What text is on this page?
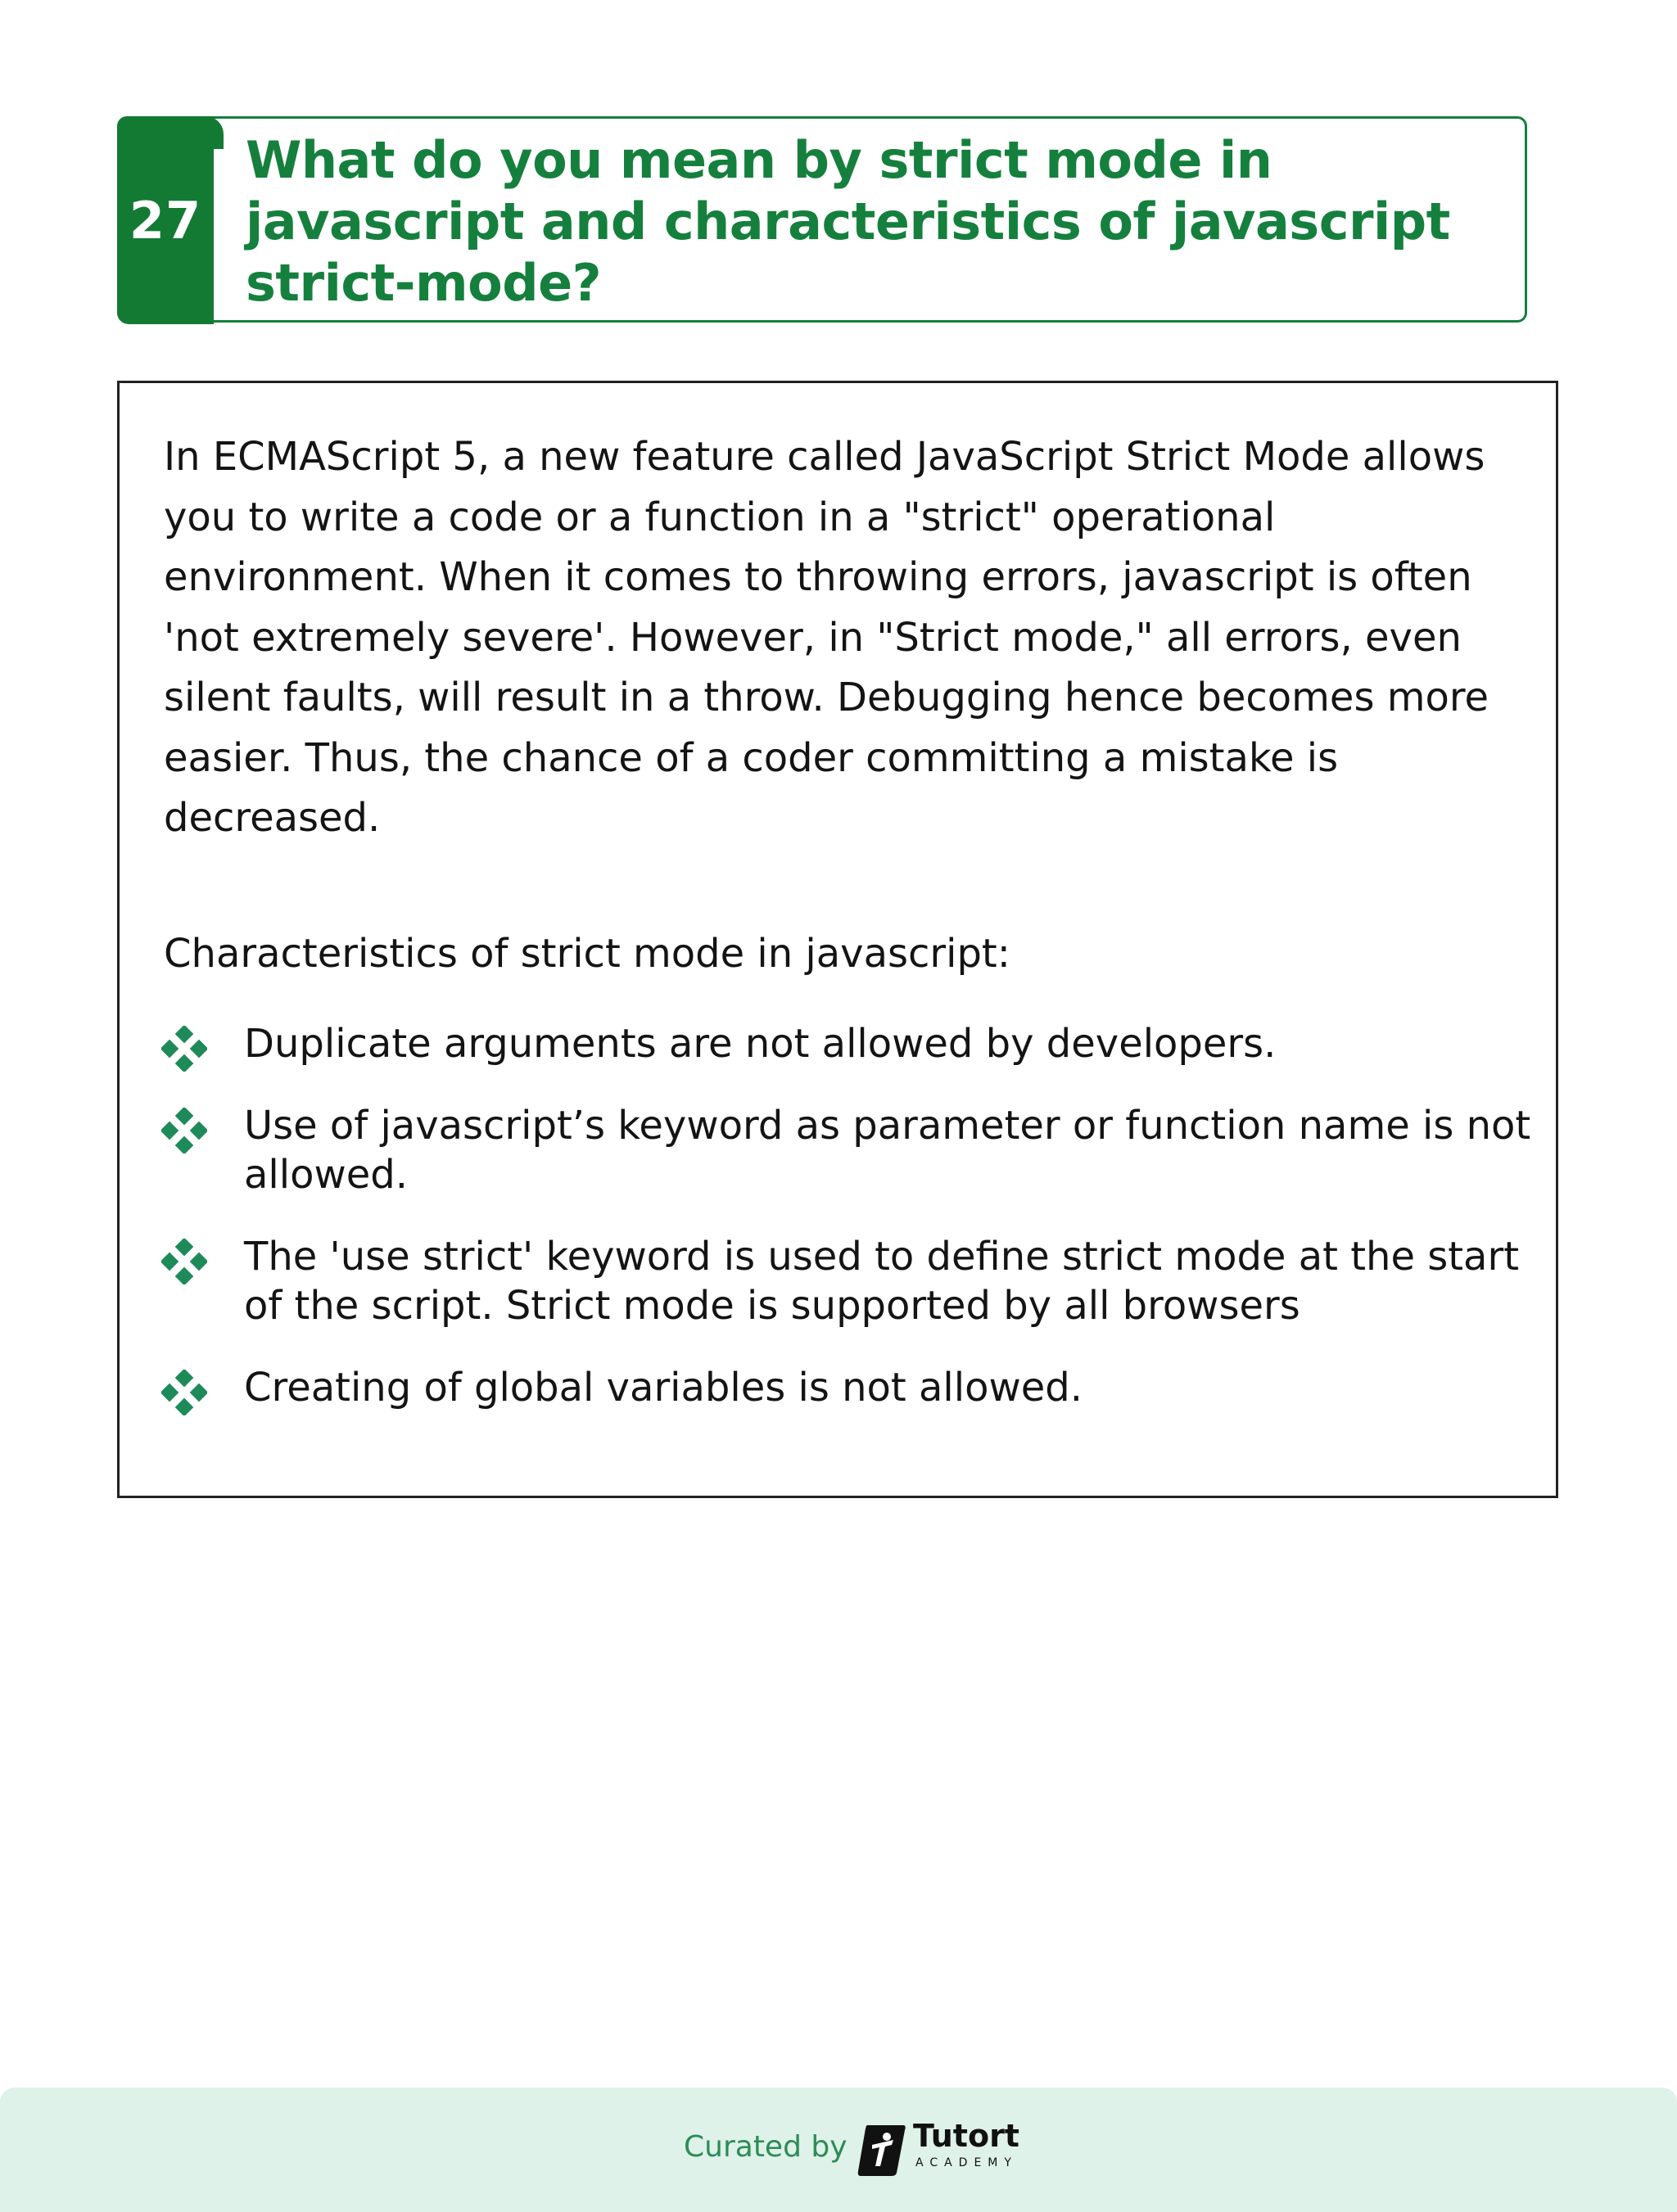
27
What do you mean by strict mode in javascript and characteristics of javascript strict-mode?

In ECMAScript 5, a new feature called JavaScript Strict Mode allows you to write a code or a function in a "strict" operational environment. When it comes to throwing errors, javascript is often 'not extremely severe'. However, in "Strict mode," all errors, even silent faults, will result in a throw. Debugging hence becomes more easier. Thus, the chance of a coder committing a mistake is decreased.

Characteristics of strict mode in javascript:

Duplicate arguments are not allowed by developers.
Use of javascript’s keyword as parameter or function name is not allowed.
The 'use strict' keyword is used to define strict mode at the start of the script. Strict mode is supported by all browsers
Creating of global variables is not allowed.

Curated by Tutort

ACADEMY
